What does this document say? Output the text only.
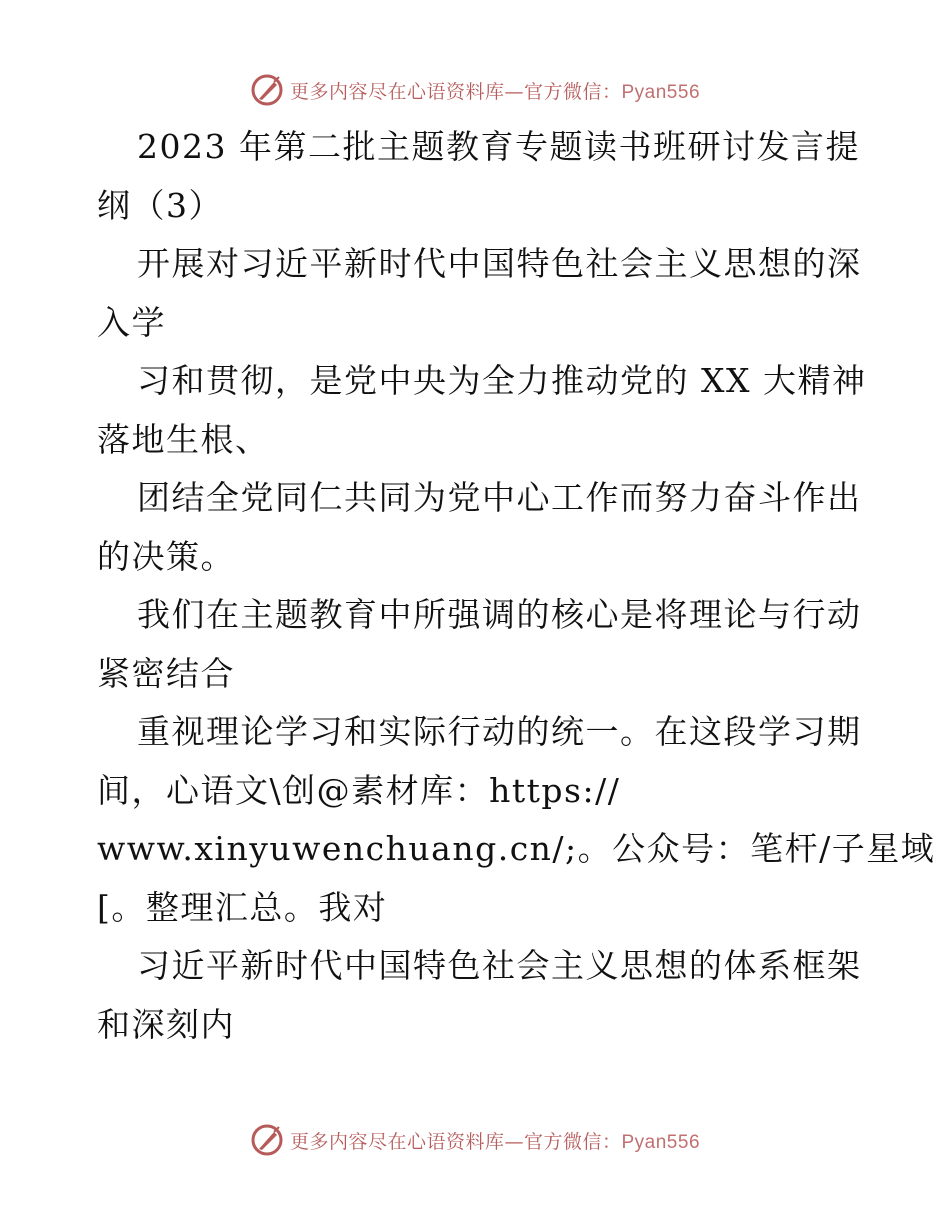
更多内容尽在心语资料库—官方微信：Pyan556
2023 年第二批主题教育专题读书班研讨发言提
纲（3）
开展对习近平新时代中国特色社会主义思想的深
入学
习和贯彻，是党中央为全力推动党的 XX 大精神
落地生根、
团结全党同仁共同为党中心工作而努力奋斗作出
的决策。
我们在主题教育中所强调的核心是将理论与行动
紧密结合
重视理论学习和实际行动的统一。在这段学习期
间，心语文\创@素材库：https://
www.xinyuwenchuang.cn/;。公众号：笔杆/子星域
[。整理汇总。我对
习近平新时代中国特色社会主义思想的体系框架
和深刻内
更多内容尽在心语资料库—官方微信：Pyan556
